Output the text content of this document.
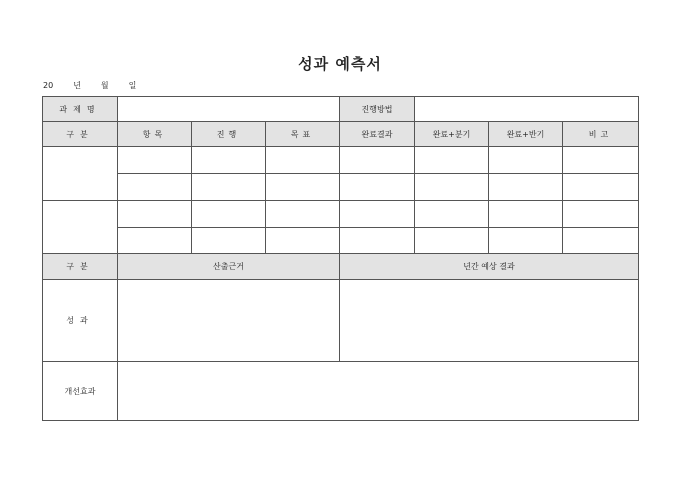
성과 예측서
20	년	월	일
과제명				진행방법			
구분	항목	진행	목표	완료결과	완료+분기	완료+반기	비고

구분	산출근거			년간 예상 결과			
성과							
개선효과							
